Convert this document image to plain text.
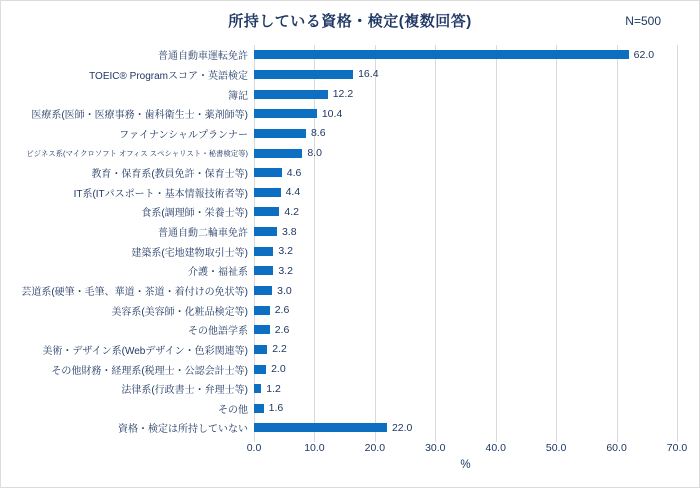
所持している資格・検定(複数回答)	N=500
普通自動車運転免許	62.0
TOEIC® Programスコア・英語検定	16.4
簿記	12.2
医療系(医師・医療事務・歯科衛生士・薬剤師等)	10.4
ファイナンシャルプランナー	8.6
ビジネス系(マイクロソフト オフィス スペシャリスト・秘書検定等)	8.0
教育・保育系(教員免許・保育士等)	4.6
IT系(ITパスポート・基本情報技術者等)	4.4
食系(調理師・栄養士等)	4.2
普通自動二輪車免許	3.8
建築系(宅地建物取引士等)	3.2
介護・福祉系	3.2
芸道系(硬筆・毛筆、華道・茶道・着付けの免状等)	3.0
美容系(美容師・化粧品検定等)	2.6
その他語学系	2.6
美術・デザイン系(Webデザイン・色彩関連等) 2.2
その他財務・経理系(税理士・公認会計士等) 2.0
法律系(行政書士・弁理士等) 1.2
その他 1.6
資格・検定は所持していない	22.0
0.0	10.0	20.0	30.0	40.0	50.0	60.0	70.0
%
